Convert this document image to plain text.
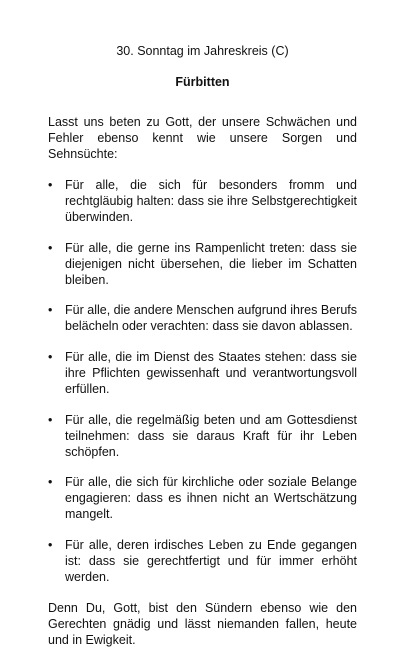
30. Sonntag im Jahreskreis (C)
Fürbitten

Lasst uns beten zu Gott, der unsere Schwächen und Fehler ebenso kennt wie unsere Sorgen und Sehnsüchte:

•	Für alle, die sich für besonders fromm und rechtgläubig halten: dass sie ihre Selbstgerechtigkeit überwinden.
•	Für alle, die gerne ins Rampenlicht treten: dass sie diejenigen nicht übersehen, die lieber im Schatten bleiben.
•	Für alle, die andere Menschen aufgrund ihres Berufs belächeln oder verachten: dass sie davon ablassen.
•	Für alle, die im Dienst des Staates stehen: dass sie ihre Pflichten gewissenhaft und verantwortungsvoll erfüllen.
•	Für alle, die regelmäßig beten und am Gottesdienst teilnehmen: dass sie daraus Kraft für ihr Leben schöpfen.
•	Für alle, die sich für kirchliche oder soziale Belange engagieren: dass es ihnen nicht an Wertschätzung mangelt.
•	Für alle, deren irdisches Leben zu Ende gegangen ist: dass sie gerechtfertigt und für immer erhöht werden.

Denn Du, Gott, bist den Sündern ebenso wie den Gerechten gnädig und lässt niemanden fallen, heute und in Ewigkeit.
